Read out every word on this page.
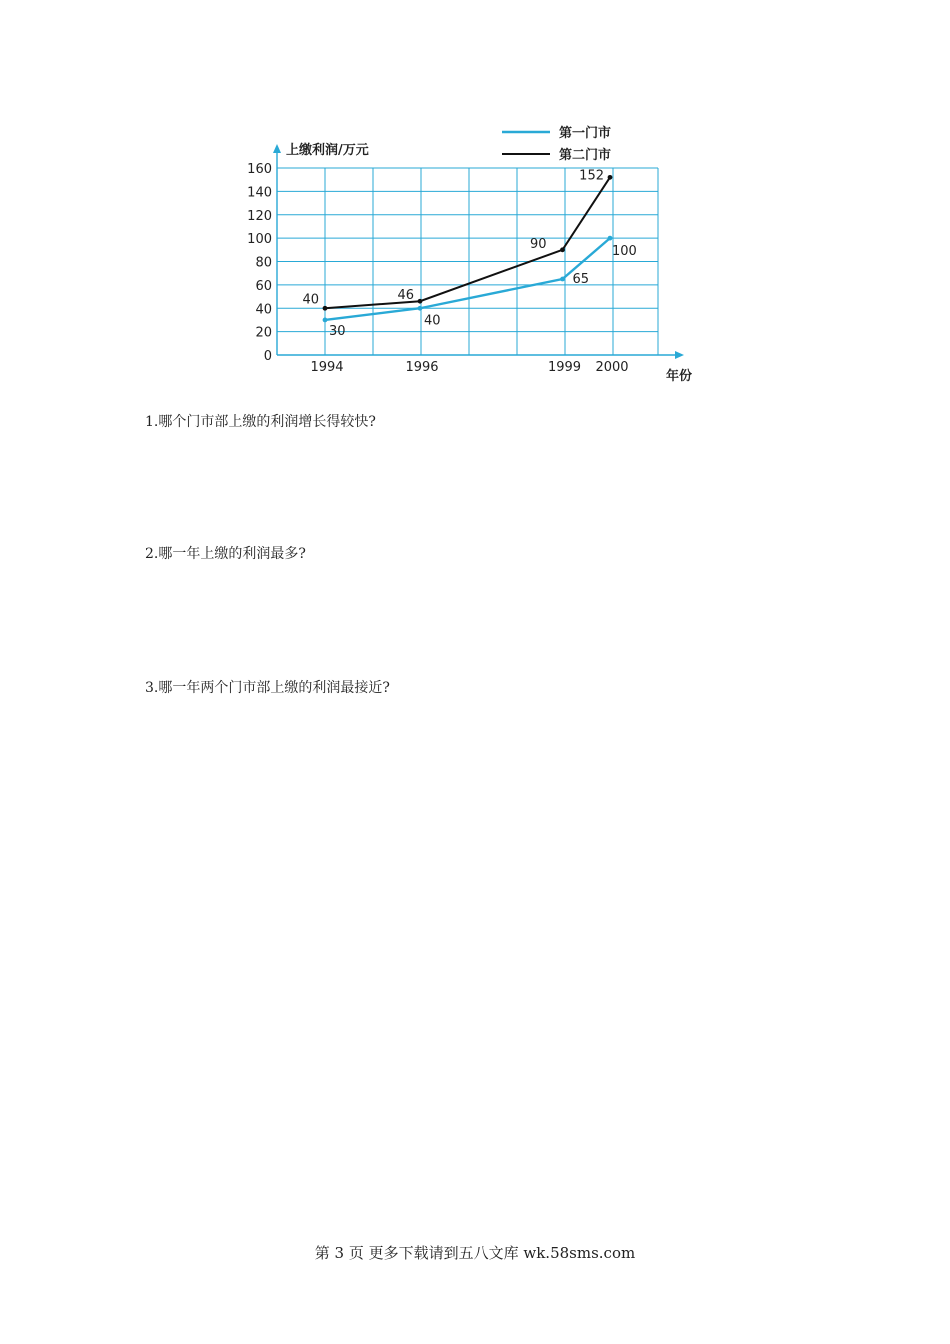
0
20
40
60
80
100
120
140
160
1994	1996	1999 2000
上缴利润/万元
年份
30
40
65
100
40	46
90
152
第一门市
第二门市
1.哪个门市部上缴的利润增长得较快?
2.哪一年上缴的利润最多?
3.哪一年两个门市部上缴的利润最接近?
第 3 页 更多下载请到五八文库 wk.58sms.com
